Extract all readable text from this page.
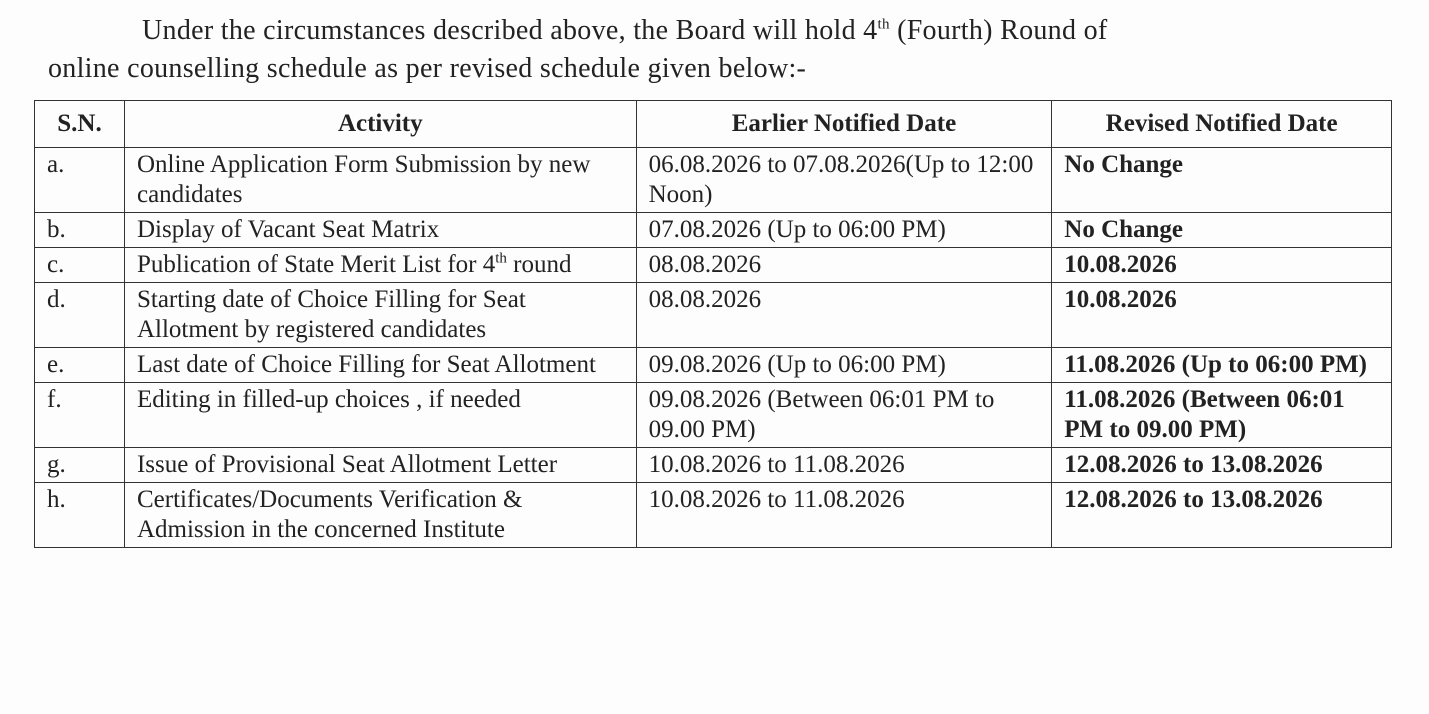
Under the circumstances described above, the Board will hold 4th (Fourth) Round of
online counselling schedule as per revised schedule given below:-
S.N.	Activity	Earlier Notified Date	Revised Notified Date
a.	Online Application Form Submission by new candidates	06.08.2026 to 07.08.2026(Up to 12:00 Noon)	No Change
b.	Display of Vacant Seat Matrix	07.08.2026 (Up to 06:00 PM)	No Change
c.	Publication of State Merit List for 4th round	08.08.2026	10.08.2026
d.	Starting date of Choice Filling for Seat Allotment by registered candidates	08.08.2026	10.08.2026
e.	Last date of Choice Filling for Seat Allotment	09.08.2026 (Up to 06:00 PM)	11.08.2026 (Up to 06:00 PM)
f.	Editing in filled-up choices , if needed	09.08.2026 (Between 06:01 PM to 09.00 PM)	11.08.2026 (Between 06:01 PM to 09.00 PM)
g.	Issue of Provisional Seat Allotment Letter	10.08.2026 to 11.08.2026	12.08.2026 to 13.08.2026
h.	Certificates/Documents Verification & Admission in the concerned Institute	10.08.2026 to 11.08.2026	12.08.2026 to 13.08.2026
